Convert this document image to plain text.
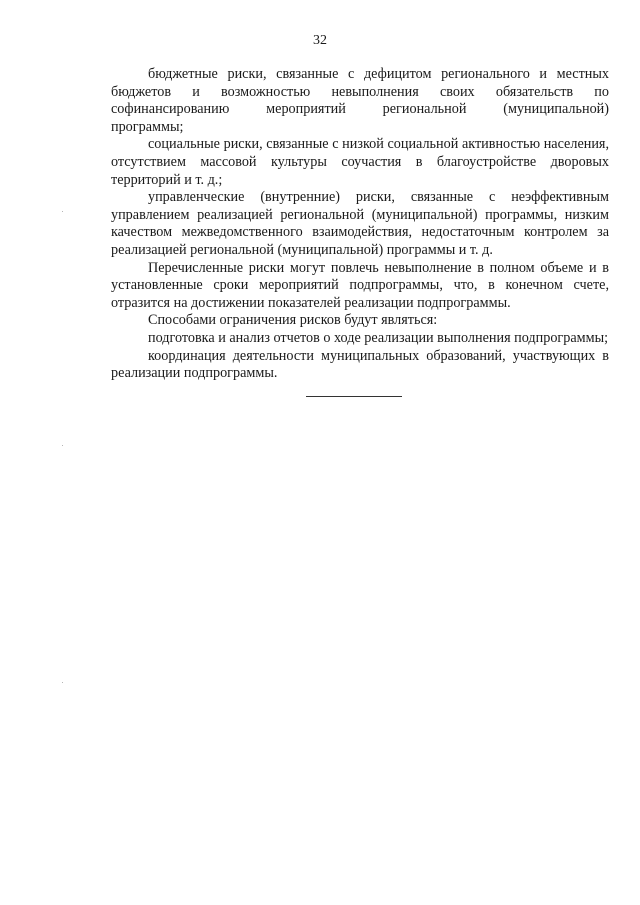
32

бюджетные риски, связанные с дефицитом регионального и местных бюджетов и возможностью невыполнения своих обязательств по софинансированию мероприятий региональной (муниципальной)

программы;

социальные риски, связанные с низкой социальной активностью населения, отсутствием массовой культуры соучастия в благоустройстве дворовых территорий и т. д.;

управленческие (внутренние) риски, связанные с неэффективным управлением реализацией региональной (муниципальной) программы, низким качеством межведомственного взаимодействия, недостаточным контролем за реализацией региональной (муниципальной) программы и т. д.

Перечисленные риски могут повлечь невыполнение в полном объеме и в установленные сроки мероприятий подпрограммы, что, в конечном счете, отразится на достижении показателей реализации подпрограммы.

Способами ограничения рисков будут являться:

подготовка и анализ отчетов о ходе реализации выполнения подпрограммы;

координация деятельности муниципальных образований, участвующих в реализации подпрограммы.
